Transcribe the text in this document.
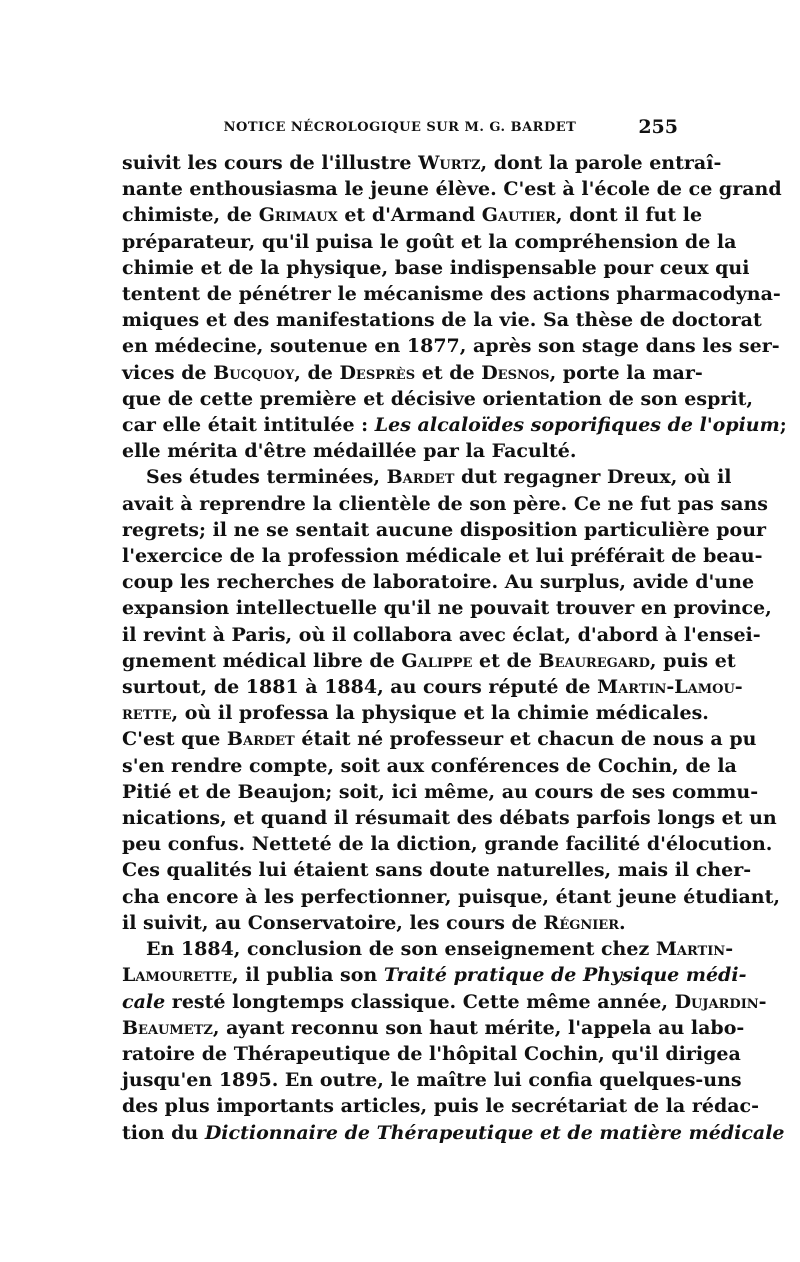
NOTICE NÉCROLOGIQUE SUR M. G. BARDET	255
suivit les cours de l'illustre Wurtz, dont la parole entraî-
nante enthousiasma le jeune élève. C'est à l'école de ce grand
chimiste, de Grimaux et d'Armand Gautier, dont il fut le
préparateur, qu'il puisa le goût et la compréhension de la
chimie et de la physique, base indispensable pour ceux qui
tentent de pénétrer le mécanisme des actions pharmacodyna-
miques et des manifestations de la vie. Sa thèse de doctorat
en médecine, soutenue en 1877, après son stage dans les ser-
vices de Bucquoy, de Desprès et de Desnos, porte la mar-
que de cette première et décisive orientation de son esprit,
car elle était intitulée : Les alcaloïdes soporifiques de l'opium;
elle mérita d'être médaillée par la Faculté.
Ses études terminées, Bardet dut regagner Dreux, où il
avait à reprendre la clientèle de son père. Ce ne fut pas sans
regrets; il ne se sentait aucune disposition particulière pour
l'exercice de la profession médicale et lui préférait de beau-
coup les recherches de laboratoire. Au surplus, avide d'une
expansion intellectuelle qu'il ne pouvait trouver en province,
il revint à Paris, où il collabora avec éclat, d'abord à l'ensei-
gnement médical libre de Galippe et de Beauregard, puis et
surtout, de 1881 à 1884, au cours réputé de Martin-Lamou-
rette, où il professa la physique et la chimie médicales.
C'est que Bardet était né professeur et chacun de nous a pu
s'en rendre compte, soit aux conférences de Cochin, de la
Pitié et de Beaujon; soit, ici même, au cours de ses commu-
nications, et quand il résumait des débats parfois longs et un
peu confus. Netteté de la diction, grande facilité d'élocution.
Ces qualités lui étaient sans doute naturelles, mais il cher-
cha encore à les perfectionner, puisque, étant jeune étudiant,
il suivit, au Conservatoire, les cours de Régnier.
En 1884, conclusion de son enseignement chez Martin-
Lamourette, il publia son Traité pratique de Physique médi-
cale resté longtemps classique. Cette même année, Dujardin-
Beaumetz, ayant reconnu son haut mérite, l'appela au labo-
ratoire de Thérapeutique de l'hôpital Cochin, qu'il dirigea
jusqu'en 1895. En outre, le maître lui confia quelques-uns
des plus importants articles, puis le secrétariat de la rédac-
tion du Dictionnaire de Thérapeutique et de matière médicale
